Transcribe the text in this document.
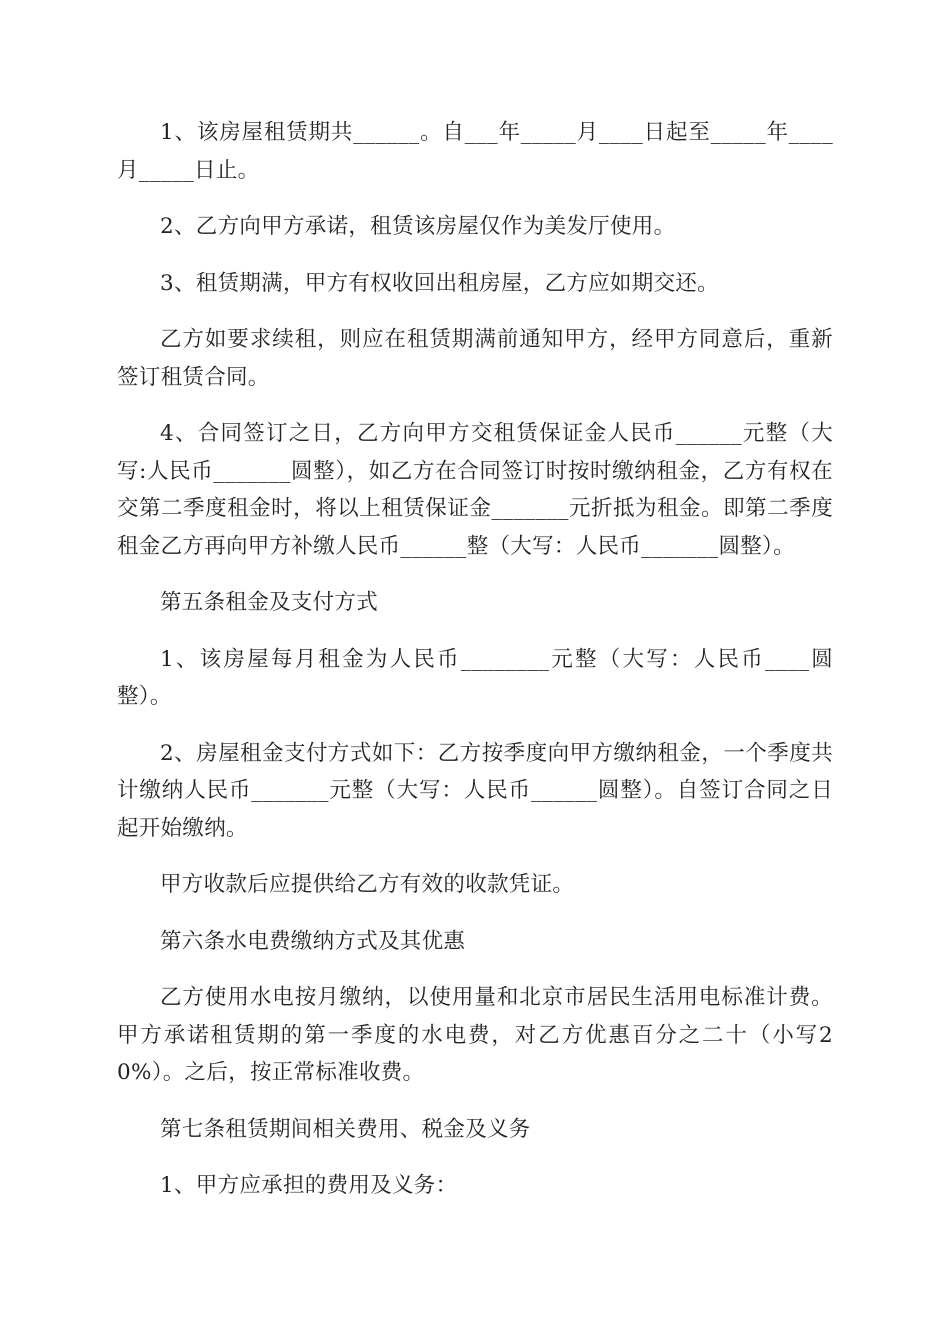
1、该房屋租赁期共______。自___年_____月____日起至_____年____月_____日止。

2、乙方向甲方承诺，租赁该房屋仅作为美发厅使用。

3、租赁期满，甲方有权收回出租房屋，乙方应如期交还。

乙方如要求续租，则应在租赁期满前通知甲方，经甲方同意后，重新签订租赁合同。

4、合同签订之日，乙方向甲方交租赁保证金人民币______元整（大写:人民币_______圆整），如乙方在合同签订时按时缴纳租金，乙方有权在交第二季度租金时，将以上租赁保证金_______元折抵为租金。即第二季度租金乙方再向甲方补缴人民币______整（大写：人民币_______圆整）。

第五条租金及支付方式

1、该房屋每月租金为人民币________元整（大写：人民币____圆整）。

2、房屋租金支付方式如下：乙方按季度向甲方缴纳租金，一个季度共计缴纳人民币_______元整（大写：人民币______圆整）。自签订合同之日起开始缴纳。

甲方收款后应提供给乙方有效的收款凭证。

第六条水电费缴纳方式及其优惠

乙方使用水电按月缴纳，以使用量和北京市居民生活用电标准计费。甲方承诺租赁期的第一季度的水电费，对乙方优惠百分之二十（小写20%）。之后，按正常标准收费。

第七条租赁期间相关费用、税金及义务

1、甲方应承担的费用及义务：
